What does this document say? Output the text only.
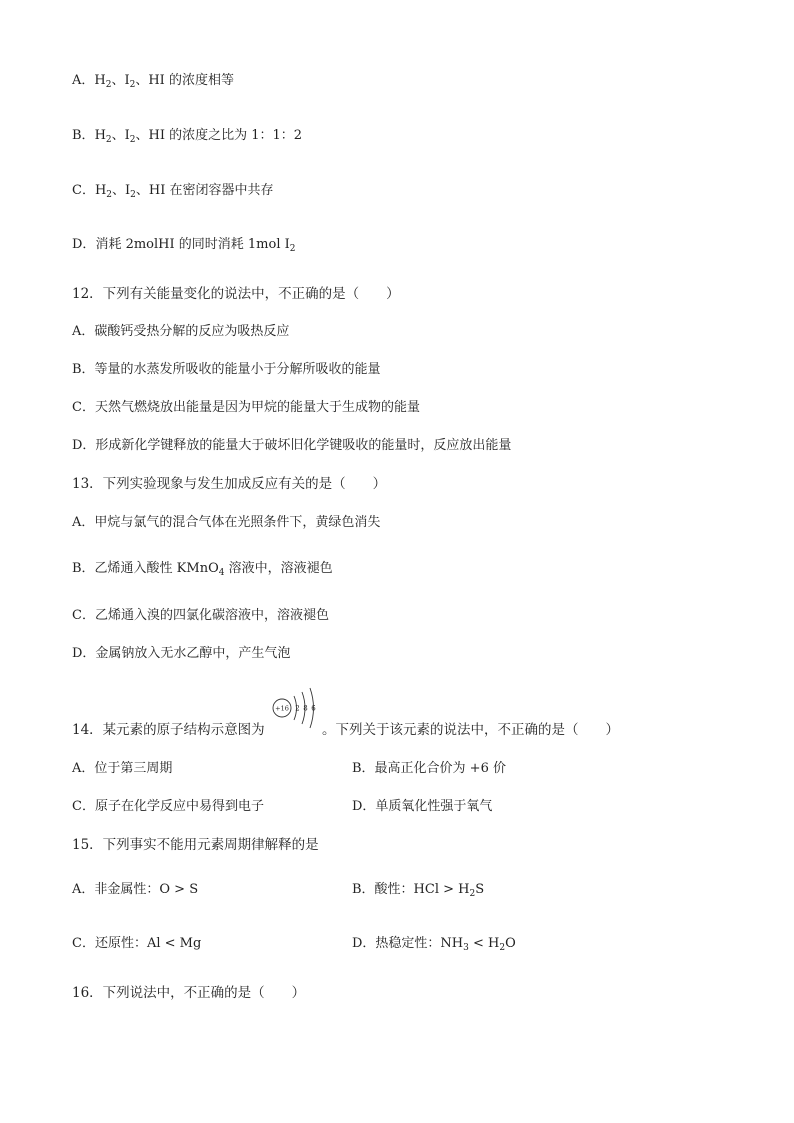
A．$H_2$、$I_2$、HI 的浓度相等
B．$H_2$、$I_2$、HI 的浓度之比为 1：1：2
C．$H_2$、$I_2$、HI 在密闭容器中共存
D．消耗 2molHI 的同时消耗 1mol $I_2$
12．下列有关能量变化的说法中，不正确的是（　　）
A．碳酸钙受热分解的反应为吸热反应
B．等量的水蒸发所吸收的能量小于分解所吸收的能量
C．天然气燃烧放出能量是因为甲烷的能量大于生成物的能量
D．形成新化学键释放的能量大于破坏旧化学键吸收的能量时，反应放出能量
13．下列实验现象与发生加成反应有关的是（　　）
A．甲烷与氯气的混合气体在光照条件下，黄绿色消失
B．乙烯通入酸性 KMnO$_4$ 溶液中，溶液褪色
C．乙烯通入溴的四氯化碳溶液中，溶液褪色
D．金属钠放入无水乙醇中，产生气泡
14．某元素的原子结构示意图为
+16 2 8 6
。下列关于该元素的说法中，不正确的是（　　）
A．位于第三周期	B．最高正化合价为 +6 价
C．原子在化学反应中易得到电子	D．单质氧化性强于氧气
15．下列事实不能用元素周期律解释的是
A．非金属性：O > S	B．酸性：HCl > $H_2S$
C．还原性：Al < Mg	D．热稳定性：$NH_3 < H_2O$
16．下列说法中，不正确的是（　　）
